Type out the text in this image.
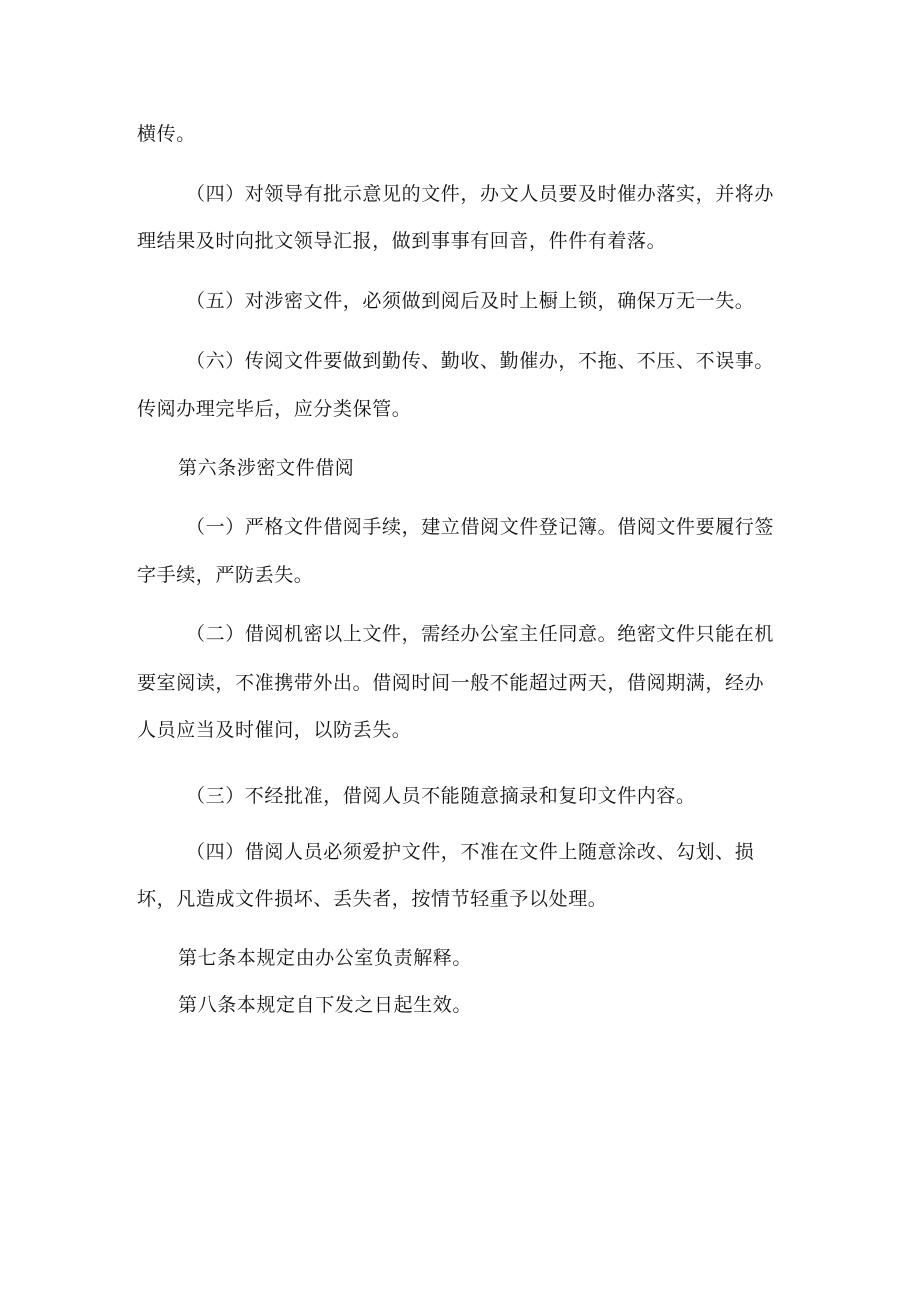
横传。
（四）对领导有批示意见的文件，办文人员要及时催办落实，并将办
理结果及时向批文领导汇报，做到事事有回音，件件有着落。
（五）对涉密文件，必须做到阅后及时上橱上锁，确保万无一失。
（六）传阅文件要做到勤传、勤收、勤催办，不拖、不压、不误事。
传阅办理完毕后，应分类保管。
第六条涉密文件借阅
（一）严格文件借阅手续，建立借阅文件登记簿。借阅文件要履行签
字手续，严防丢失。
（二）借阅机密以上文件，需经办公室主任同意。绝密文件只能在机
要室阅读，不准携带外出。借阅时间一般不能超过两天，借阅期满，经办
人员应当及时催问，以防丢失。
（三）不经批准，借阅人员不能随意摘录和复印文件内容。
（四）借阅人员必须爱护文件，不准在文件上随意涂改、勾划、损
坏，凡造成文件损坏、丢失者，按情节轻重予以处理。
第七条本规定由办公室负责解释。
第八条本规定自下发之日起生效。
